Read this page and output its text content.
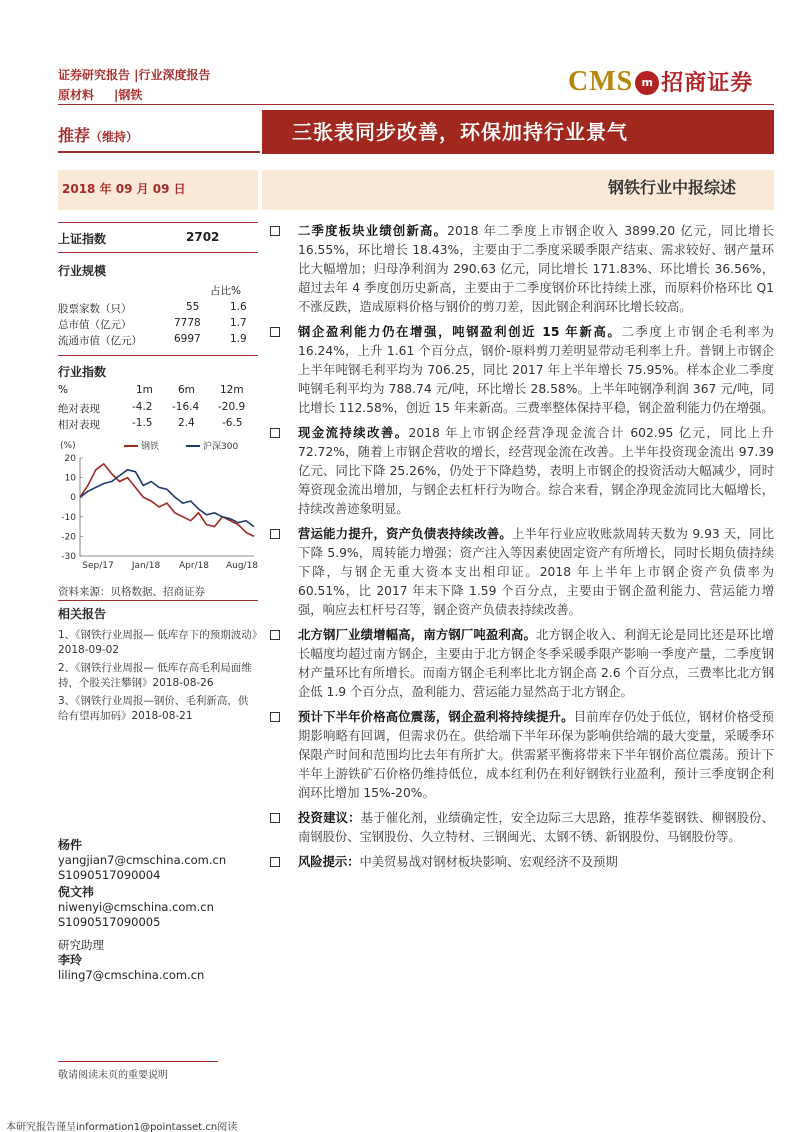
证券研究报告 |行业深度报告
原材料 |钢铁	CMS m 招商证券
推荐（维持）	三张表同步改善，环保加持行业景气
2018 年 09 月 09 日	钢铁行业中报综述
上证指数	2702
行业规模
占比%
股票家数（只）	55	1.6
总市值（亿元）	7778	1.7
流通市值（亿元）	6997	1.9
行业指数
%	1m 6m 12m
绝对表现	-4.2 -16.4 -20.9
相对表现	-1.5 2.4	-6.5
(%)
20
10
0
-10
-20
-30
Sep/17 Jan/18 Apr/18 Aug/18
钢铁	沪深300
资料来源：贝格数据、招商证券
相关报告
1、《钢铁行业周报— 低库存下的预期波动》2018-09-02
2、《钢铁行业周报— 低库存高毛利局面维持，个股关注攀钢》2018-08-26
3、《钢铁行业周报—钢价、毛利新高，供给有望再加码》2018-08-21
杨件
yangjian7@cmschina.com.cn
S1090517090004
倪文祎
niwenyi@cmschina.com.cn
S1090517090005
研究助理
李玲
liling7@cmschina.com.cn
二季度板块业绩创新高。2018 年二季度上市钢企收入 3899.20 亿元，同比增长 16.55%，环比增长 18.43%，主要由于二季度采暖季限产结束、需求较好、钢产量环比大幅增加；归母净利润为 290.63 亿元，同比增长 171.83%、环比增长 36.56%，超过去年 4 季度创历史新高，主要由于二季度钢价环比持续上涨，而原料价格环比 Q1 不涨反跌，造成原料价格与钢价的剪刀差，因此钢企利润环比增长较高。
钢企盈利能力仍在增强，吨钢盈利创近 15 年新高。二季度上市钢企毛利率为 16.24%，上升 1.61 个百分点，钢价-原料剪刀差明显带动毛利率上升。普钢上市钢企上半年吨钢毛利平均为 706.25，同比 2017 年上半年增长 75.95%。样本企业二季度吨钢毛利平均为 788.74 元/吨，环比增长 28.58%。上半年吨钢净利润 367 元/吨，同比增长 112.58%，创近 15 年来新高。三费率整体保持平稳，钢企盈利能力仍在增强。
现金流持续改善。2018 年上市钢企经营净现金流合计 602.95 亿元，同比上升 72.72%，随着上市钢企营收的增长，经营现金流在改善。上半年投资现金流出 97.39 亿元、同比下降 25.26%，仍处于下降趋势，表明上市钢企的投资活动大幅减少，同时筹资现金流出增加，与钢企去杠杆行为吻合。综合来看，钢企净现金流同比大幅增长，持续改善迹象明显。
营运能力提升，资产负债表持续改善。上半年行业应收账款周转天数为 9.93 天，同比下降 5.9%，周转能力增强；资产注入等因素使固定资产有所增长，同时长期负债持续下降，与钢企无重大资本支出相印证。2018 年上半年上市钢企资产负债率为 60.51%，比 2017 年末下降 1.59 个百分点，主要由于钢企盈利能力、营运能力增强，响应去杠杆号召等，钢企资产负债表持续改善。
北方钢厂业绩增幅高，南方钢厂吨盈利高。北方钢企收入、利润无论是同比还是环比增长幅度均超过南方钢企，主要由于北方钢企冬季采暖季限产影响一季度产量，二季度钢材产量环比有所增长。而南方钢企毛利率比北方钢企高 2.6 个百分点，三费率比北方钢企低 1.9 个百分点，盈利能力、营运能力显然高于北方钢企。
预计下半年价格高位震荡，钢企盈利将持续提升。目前库存仍处于低位，钢材价格受预期影响略有回调，但需求仍在。供给端下半年环保为影响供给端的最大变量，采暖季环保限产时间和范围均比去年有所扩大。供需紧平衡将带来下半年钢价高位震荡。预计下半年上游铁矿石价格仍维持低位，成本红利仍在利好钢铁行业盈利，预计三季度钢企利润环比增加 15%-20%。
投资建议：基于催化剂，业绩确定性，安全边际三大思路，推荐华菱钢铁、柳钢股份、南钢股份、宝钢股份、久立特材、三钢闽光、太钢不锈、新钢股份、马钢股份等。
风险提示：中美贸易战对钢材板块影响、宏观经济不及预期
敬请阅读末页的重要说明
本研究报告谨呈information1@pointasset.cn阅读
